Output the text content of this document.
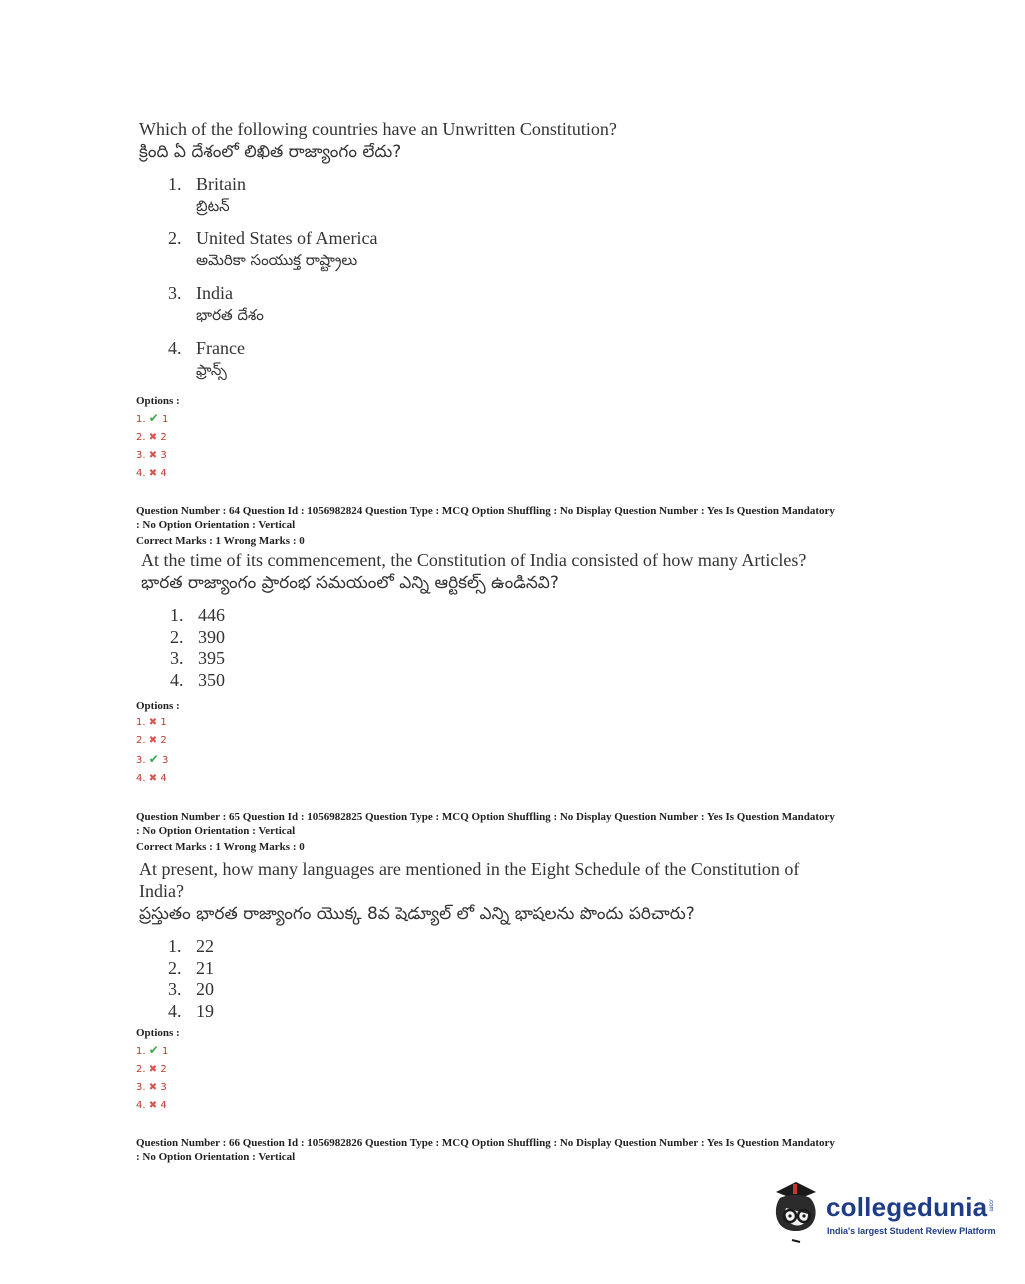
Which of the following countries have an Unwritten Constitution?
క్రింది ఏ దేశంలో లిఖిత రాజ్యాంగం లేదు?
1. Britain
బ్రిటన్
2. United States of America
అమెరికా సంయుక్త రాష్ట్రాలు
3. India
భారత దేశం
4. France
ఫ్రాన్స్
Options :
1. ✔ 1
2. ✖ 2
3. ✖ 3
4. ✖ 4
Question Number : 64 Question Id : 1056982824 Question Type : MCQ Option Shuffling : No Display Question Number : Yes Is Question Mandatory
: No Option Orientation : Vertical
Correct Marks : 1 Wrong Marks : 0
At the time of its commencement, the Constitution of India consisted of how many Articles?
భారత రాజ్యాంగం ప్రారంభ సమయంలో ఎన్ని ఆర్టికల్స్ ఉండినవి?
1. 446
2. 390
3. 395
4. 350
Options :
1. ✖ 1
2. ✖ 2
3. ✔ 3
4. ✖ 4
Question Number : 65 Question Id : 1056982825 Question Type : MCQ Option Shuffling : No Display Question Number : Yes Is Question Mandatory
: No Option Orientation : Vertical
Correct Marks : 1 Wrong Marks : 0
At present, how many languages are mentioned in the Eight Schedule of the Constitution of
India?
ప్రస్తుతం భారత రాజ్యాంగం యొక్క 8వ షెడ్యూల్ లో ఎన్ని భాషలను పొందు పరిచారు?
1. 22
2. 21
3. 20
4. 19
Options :
1. ✔ 1
2. ✖ 2
3. ✖ 3
4. ✖ 4
Question Number : 66 Question Id : 1056982826 Question Type : MCQ Option Shuffling : No Display Question Number : Yes Is Question Mandatory
: No Option Orientation : Vertical
collegedunia .com
India's largest Student Review Platform
